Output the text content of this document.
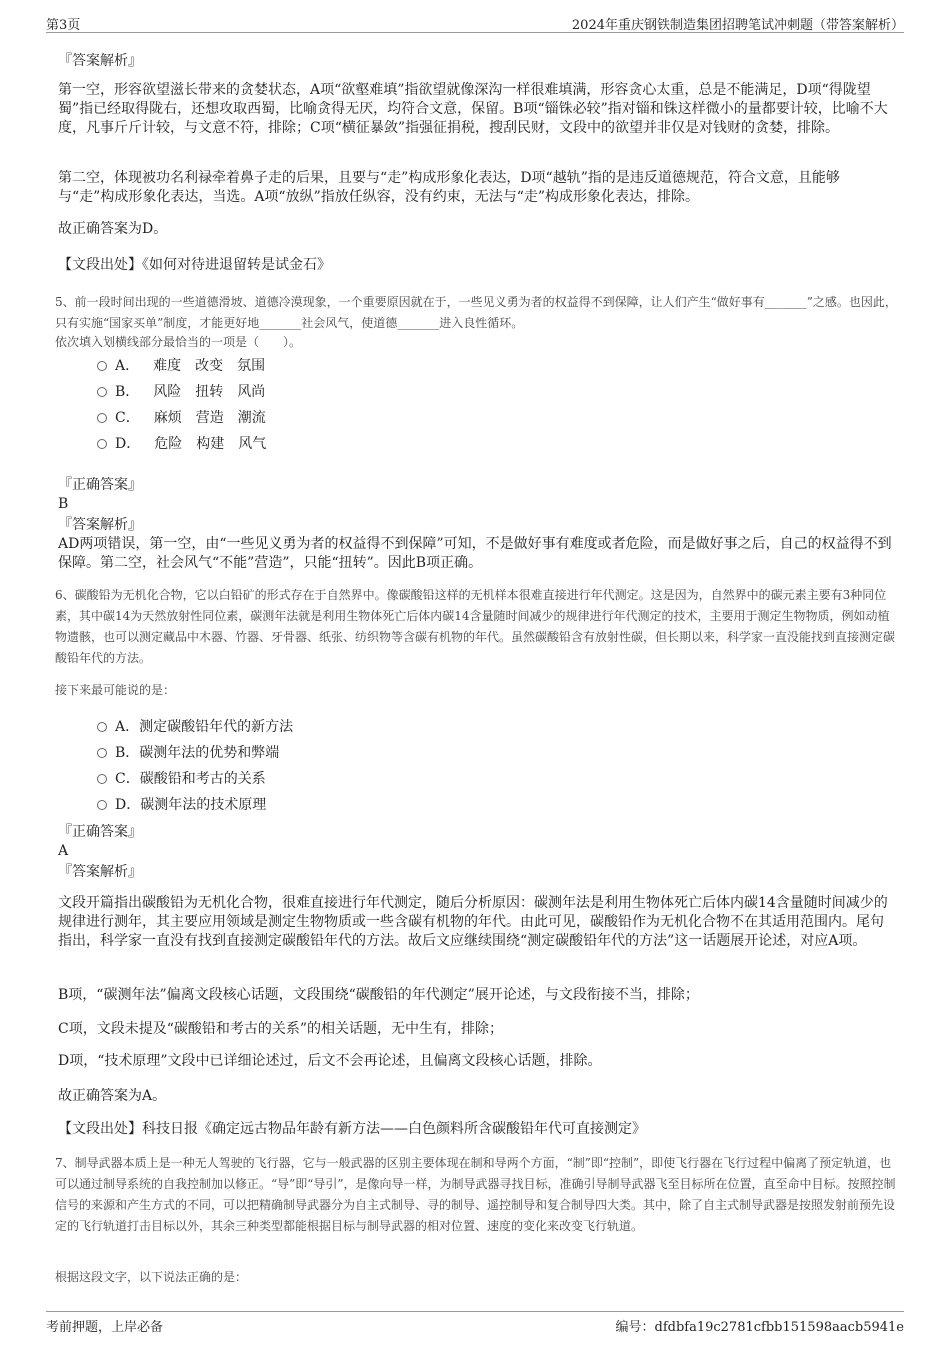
第3页	2024年重庆钢铁制造集团招聘笔试冲刺题（带答案解析）
『答案解析』
第一空，形容欲望滋长带来的贪婪状态，A项“欲壑难填”指欲望就像深沟一样很难填满，形容贪心太重，总是不能满足，D项“得陇望蜀”指已经取得陇右，还想攻取西蜀，比喻贪得无厌，均符合文意，保留。B项“锱铢必较”指对锱和铢这样微小的量都要计较，比喻不大度，凡事斤斤计较，与文意不符，排除；C项“横征暴敛”指强征捐税，搜刮民财，文段中的欲望并非仅是对钱财的贪婪，排除。
第二空，体现被功名利禄牵着鼻子走的后果，且要与“走”构成形象化表达，D项“越轨”指的是违反道德规范，符合文意，且能够与“走”构成形象化表达，当选。A项“放纵”指放任纵容，没有约束，无法与“走”构成形象化表达，排除。
故正确答案为D。
【文段出处】《如何对待进退留转是试金石》
5、前一段时间出现的一些道德滑坡、道德冷漠现象，一个重要原因就在于，一些见义勇为者的权益得不到保障，让人们产生“做好事有_______”之感。也因此，只有实施“国家买单”制度，才能更好地_______社会风气，使道德_______进入良性循环。
依次填入划横线部分最恰当的一项是（　　）。
A． 难度 改变 氛围
B． 风险 扭转 风尚
C． 麻烦 营造 潮流
D． 危险 构建 风气
『正确答案』
B
『答案解析』
AD两项错误，第一空，由“一些见义勇为者的权益得不到保障”可知，不是做好事有难度或者危险，而是做好事之后，自己的权益得不到保障。第二空，社会风气“不能”营造”，只能“扭转”。因此B项正确。
6、碳酸铅为无机化合物，它以白铅矿的形式存在于自然界中。像碳酸铅这样的无机样本很难直接进行年代测定。这是因为，自然界中的碳元素主要有3种同位素，其中碳14为天然放射性同位素，碳测年法就是利用生物体死亡后体内碳14含量随时间减少的规律进行年代测定的技术，主要用于测定生物物质，例如动植物遗骸，也可以测定藏品中木器、竹器、牙骨器、纸张、纺织物等含碳有机物的年代。虽然碳酸铅含有放射性碳，但长期以来，科学家一直没能找到直接测定碳酸铅年代的方法。
接下来最可能说的是：
A．测定碳酸铅年代的新方法
B．碳测年法的优势和弊端
C．碳酸铅和考古的关系
D．碳测年法的技术原理
『正确答案』
A
『答案解析』
文段开篇指出碳酸铅为无机化合物，很难直接进行年代测定，随后分析原因：碳测年法是利用生物体死亡后体内碳14含量随时间减少的规律进行测年，其主要应用领域是测定生物物质或一些含碳有机物的年代。由此可见，碳酸铅作为无机化合物不在其适用范围内。尾句指出，科学家一直没有找到直接测定碳酸铅年代的方法。故后文应继续围绕“测定碳酸铅年代的方法”这一话题展开论述，对应A项。
B项，“碳测年法”偏离文段核心话题，文段围绕“碳酸铅的年代测定”展开论述，与文段衔接不当，排除；
C项，文段未提及“碳酸铅和考古的关系”的相关话题，无中生有，排除；
D项，“技术原理”文段中已详细论述过，后文不会再论述，且偏离文段核心话题，排除。
故正确答案为A。
【文段出处】科技日报《确定远古物品年龄有新方法——白色颜料所含碳酸铅年代可直接测定》
7、制导武器本质上是一种无人驾驶的飞行器，它与一般武器的区别主要体现在制和导两个方面，“制”即“控制”，即使飞行器在飞行过程中偏离了预定轨道，也可以通过制导系统的自我控制加以修正。“导”即“导引”，是像向导一样，为制导武器寻找目标，准确引导制导武器飞至目标所在位置，直至命中目标。按照控制信号的来源和产生方式的不同，可以把精确制导武器分为自主式制导、寻的制导、遥控制导和复合制导四大类。其中，除了自主式制导武器是按照发射前预先设定的飞行轨道打击目标以外，其余三种类型都能根据目标与制导武器的相对位置、速度的变化来改变飞行轨道。
根据这段文字，以下说法正确的是：
考前押题，上岸必备	编号：dfdbfa19c2781cfbb151598aacb5941e
